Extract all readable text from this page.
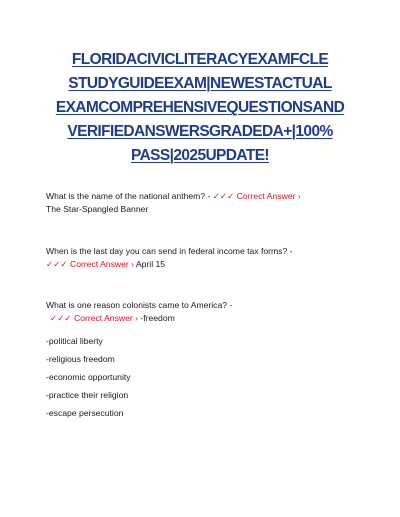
FLORIDACIVICLITERACYEXAMFCLE
STUDYGUIDEEXAM|NEWESTACTUAL
EXAMCOMPREHENSIVEQUESTIONSAND
VERIFIEDANSWERSGRADEDA+|100%
PASS|2025UPDATE!
What is the name of the national anthem? - ✓✓✓ Correct Answer ›
The Star-Spangled Banner
When is the last day you can send in federal income tax forms? -
✓✓✓ Correct Answer › April 15
What is one reason colonists came to America? -
✓✓✓ Correct Answer › -freedom
-political liberty
-religious freedom
-economic opportunity
-practice their religion
-escape persecution
